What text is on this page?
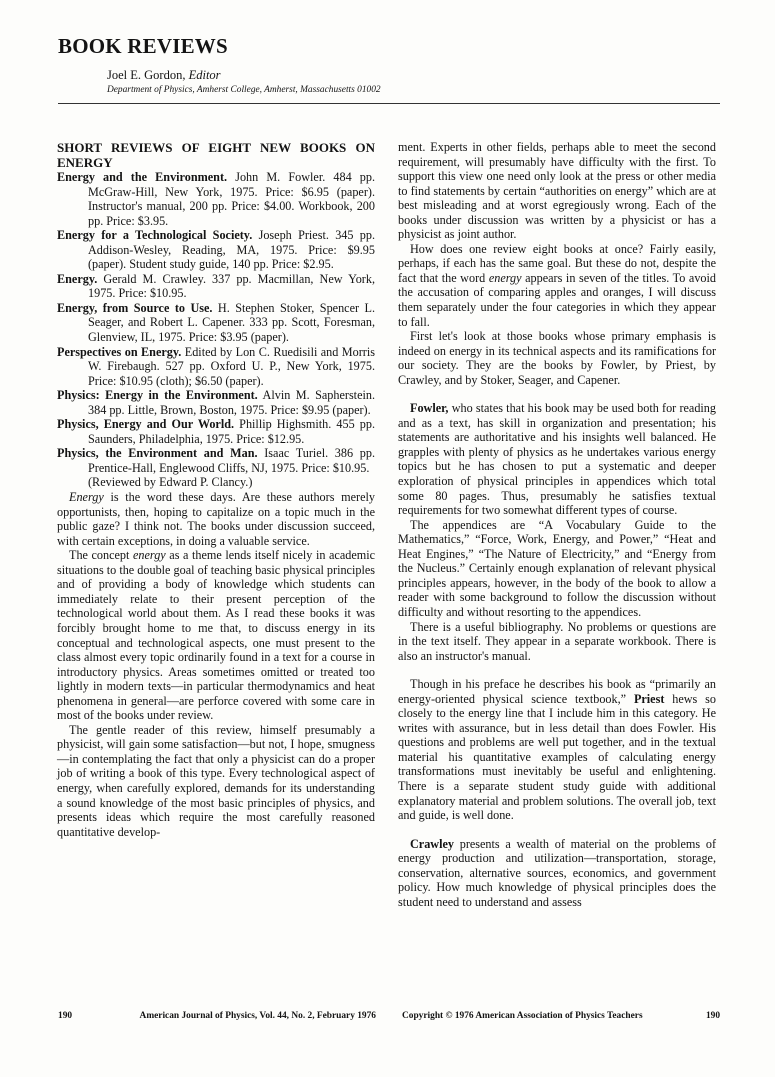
BOOK REVIEWS
Joel E. Gordon, Editor
Department of Physics, Amherst College, Amherst, Massachusetts 01002

SHORT REVIEWS OF EIGHT NEW BOOKS ON ENERGY

Energy and the Environment. John M. Fowler. 484 pp. McGraw-Hill, New York, 1975. Price: $6.95 (paper). Instructor's manual, 200 pp. Price: $4.00. Workbook, 200 pp. Price: $3.95.

Energy for a Technological Society. Joseph Priest. 345 pp. Addison-Wesley, Reading, MA, 1975. Price: $9.95 (paper). Student study guide, 140 pp. Price: $2.95.

Energy. Gerald M. Crawley. 337 pp. Macmillan, New York, 1975. Price: $10.95.

Energy, from Source to Use. H. Stephen Stoker, Spencer L. Seager, and Robert L. Capener. 333 pp. Scott, Foresman, Glenview, IL, 1975. Price: $3.95 (paper).

Perspectives on Energy. Edited by Lon C. Ruedisili and Morris W. Firebaugh. 527 pp. Oxford U. P., New York, 1975. Price: $10.95 (cloth); $6.50 (paper).

Physics: Energy in the Environment. Alvin M. Sapherstein. 384 pp. Little, Brown, Boston, 1975. Price: $9.95 (paper).

Physics, Energy and Our World. Phillip Highsmith. 455 pp. Saunders, Philadelphia, 1975. Price: $12.95.

Physics, the Environment and Man. Isaac Turiel. 386 pp. Prentice-Hall, Englewood Cliffs, NJ, 1975. Price: $10.95.

(Reviewed by Edward P. Clancy.)

Energy is the word these days. Are these authors merely opportunists, then, hoping to capitalize on a topic much in the public gaze? I think not. The books under discussion succeed, with certain exceptions, in doing a valuable service.

The concept energy as a theme lends itself nicely in academic situations to the double goal of teaching basic physical principles and of providing a body of knowledge which students can immediately relate to their present perception of the technological world about them. As I read these books it was forcibly brought home to me that, to discuss energy in its conceptual and technological aspects, one must present to the class almost every topic ordinarily found in a text for a course in introductory physics. Areas sometimes omitted or treated too lightly in modern texts—in particular thermodynamics and heat phenomena in general—are perforce covered with some care in most of the books under review.

The gentle reader of this review, himself presumably a physicist, will gain some satisfaction—but not, I hope, smugness—in contemplating the fact that only a physicist can do a proper job of writing a book of this type. Every technological aspect of energy, when carefully explored, demands for its understanding a sound knowledge of the most basic principles of physics, and presents ideas which require the most carefully reasoned quantitative develop-

ment. Experts in other fields, perhaps able to meet the second requirement, will presumably have difficulty with the first. To support this view one need only look at the press or other media to find statements by certain “authorities on energy” which are at best misleading and at worst egregiously wrong. Each of the books under discussion was written by a physicist or has a physicist as joint author.

How does one review eight books at once? Fairly easily, perhaps, if each has the same goal. But these do not, despite the fact that the word energy appears in seven of the titles. To avoid the accusation of comparing apples and oranges, I will discuss them separately under the four categories in which they appear to fall.

First let's look at those books whose primary emphasis is indeed on energy in its technical aspects and its ramifications for our society. They are the books by Fowler, by Priest, by Crawley, and by Stoker, Seager, and Capener.

Fowler, who states that his book may be used both for reading and as a text, has skill in organization and presentation; his statements are authoritative and his insights well balanced. He grapples with plenty of physics as he undertakes various energy topics but he has chosen to put a systematic and deeper exploration of physical principles in appendices which total some 80 pages. Thus, presumably he satisfies textual requirements for two somewhat different types of course.

The appendices are “A Vocabulary Guide to the Mathematics,” “Force, Work, Energy, and Power,” “Heat and Heat Engines,” “The Nature of Electricity,” and “Energy from the Nucleus.” Certainly enough explanation of relevant physical principles appears, however, in the body of the book to allow a reader with some background to follow the discussion without difficulty and without resorting to the appendices.

There is a useful bibliography. No problems or questions are in the text itself. They appear in a separate workbook. There is also an instructor's manual.

Though in his preface he describes his book as “primarily an energy-oriented physical science textbook,” Priest hews so closely to the energy line that I include him in this category. He writes with assurance, but in less detail than does Fowler. His questions and problems are well put together, and in the textual material his quantitative examples of calculating energy transformations must inevitably be useful and enlightening. There is a separate student study guide with additional explanatory material and problem solutions. The overall job, text and guide, is well done.

Crawley presents a wealth of material on the problems of energy production and utilization—transportation, storage, conservation, alternative sources, economics, and government policy. How much knowledge of physical principles does the student need to understand and assess

190	American Journal of Physics, Vol. 44, No. 2, February 1976	Copyright © 1976 American Association of Physics Teachers	190
